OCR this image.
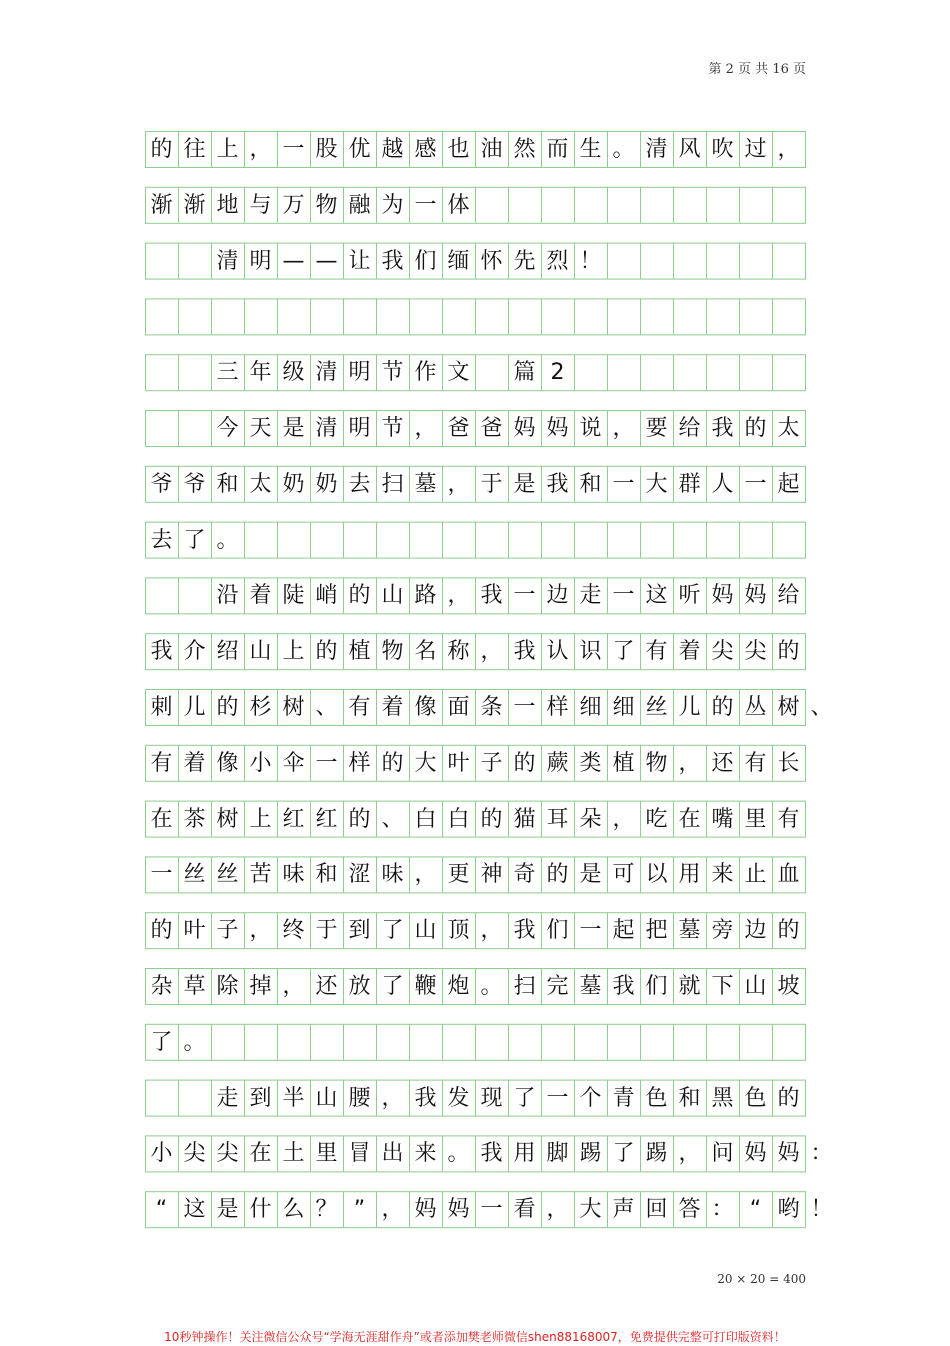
第 2 页 共 16 页
的 往 上 ， 一 股 优 越 感 也 油 然 而 生 。 清 风 吹 过 ，
渐 渐 地 与 万 物 融 为 一 体
清 明 — — 让 我 们 缅 怀 先 烈 ！
三 年 级 清 明 节 作 文 篇 2
今 天 是 清 明 节 ， 爸 爸 妈 妈 说 ， 要 给 我 的 太
爷 爷 和 太 奶 奶 去 扫 墓 ， 于 是 我 和 一 大 群 人 一 起
去 了 。
沿 着 陡 峭 的 山 路 ， 我 一 边 走 一 这 听 妈 妈 给
我 介 绍 山 上 的 植 物 名 称 ， 我 认 识 了 有 着 尖 尖 的
刺 儿 的 杉 树 、 有 着 像 面 条 一 样 细 细 丝 儿 的 丛 树 、
有 着 像 小 伞 一 样 的 大 叶 子 的 蕨 类 植 物 ， 还 有 长
在 茶 树 上 红 红 的 、 白 白 的 猫 耳 朵 ， 吃 在 嘴 里 有
一 丝 丝 苦 味 和 涩 味 ， 更 神 奇 的 是 可 以 用 来 止 血
的 叶 子 ， 终 于 到 了 山 顶 ， 我 们 一 起 把 墓 旁 边 的
杂 草 除 掉 ， 还 放 了 鞭 炮 。 扫 完 墓 我 们 就 下 山 坡
了 。
走 到 半 山 腰 ， 我 发 现 了 一 个 青 色 和 黑 色 的
小 尖 尖 在 土 里 冒 出 来 。 我 用 脚 踢 了 踢 ， 问 妈 妈 ：
“ 这 是 什 么 ？ ” ， 妈 妈 一 看 ， 大 声 回 答 ： “ 哟 ！
20 × 20 = 400
10秒钟操作！关注微信公众号“学海无涯甜作舟”或者添加樊老师微信shen88168007，免费提供完整可打印版资料！
